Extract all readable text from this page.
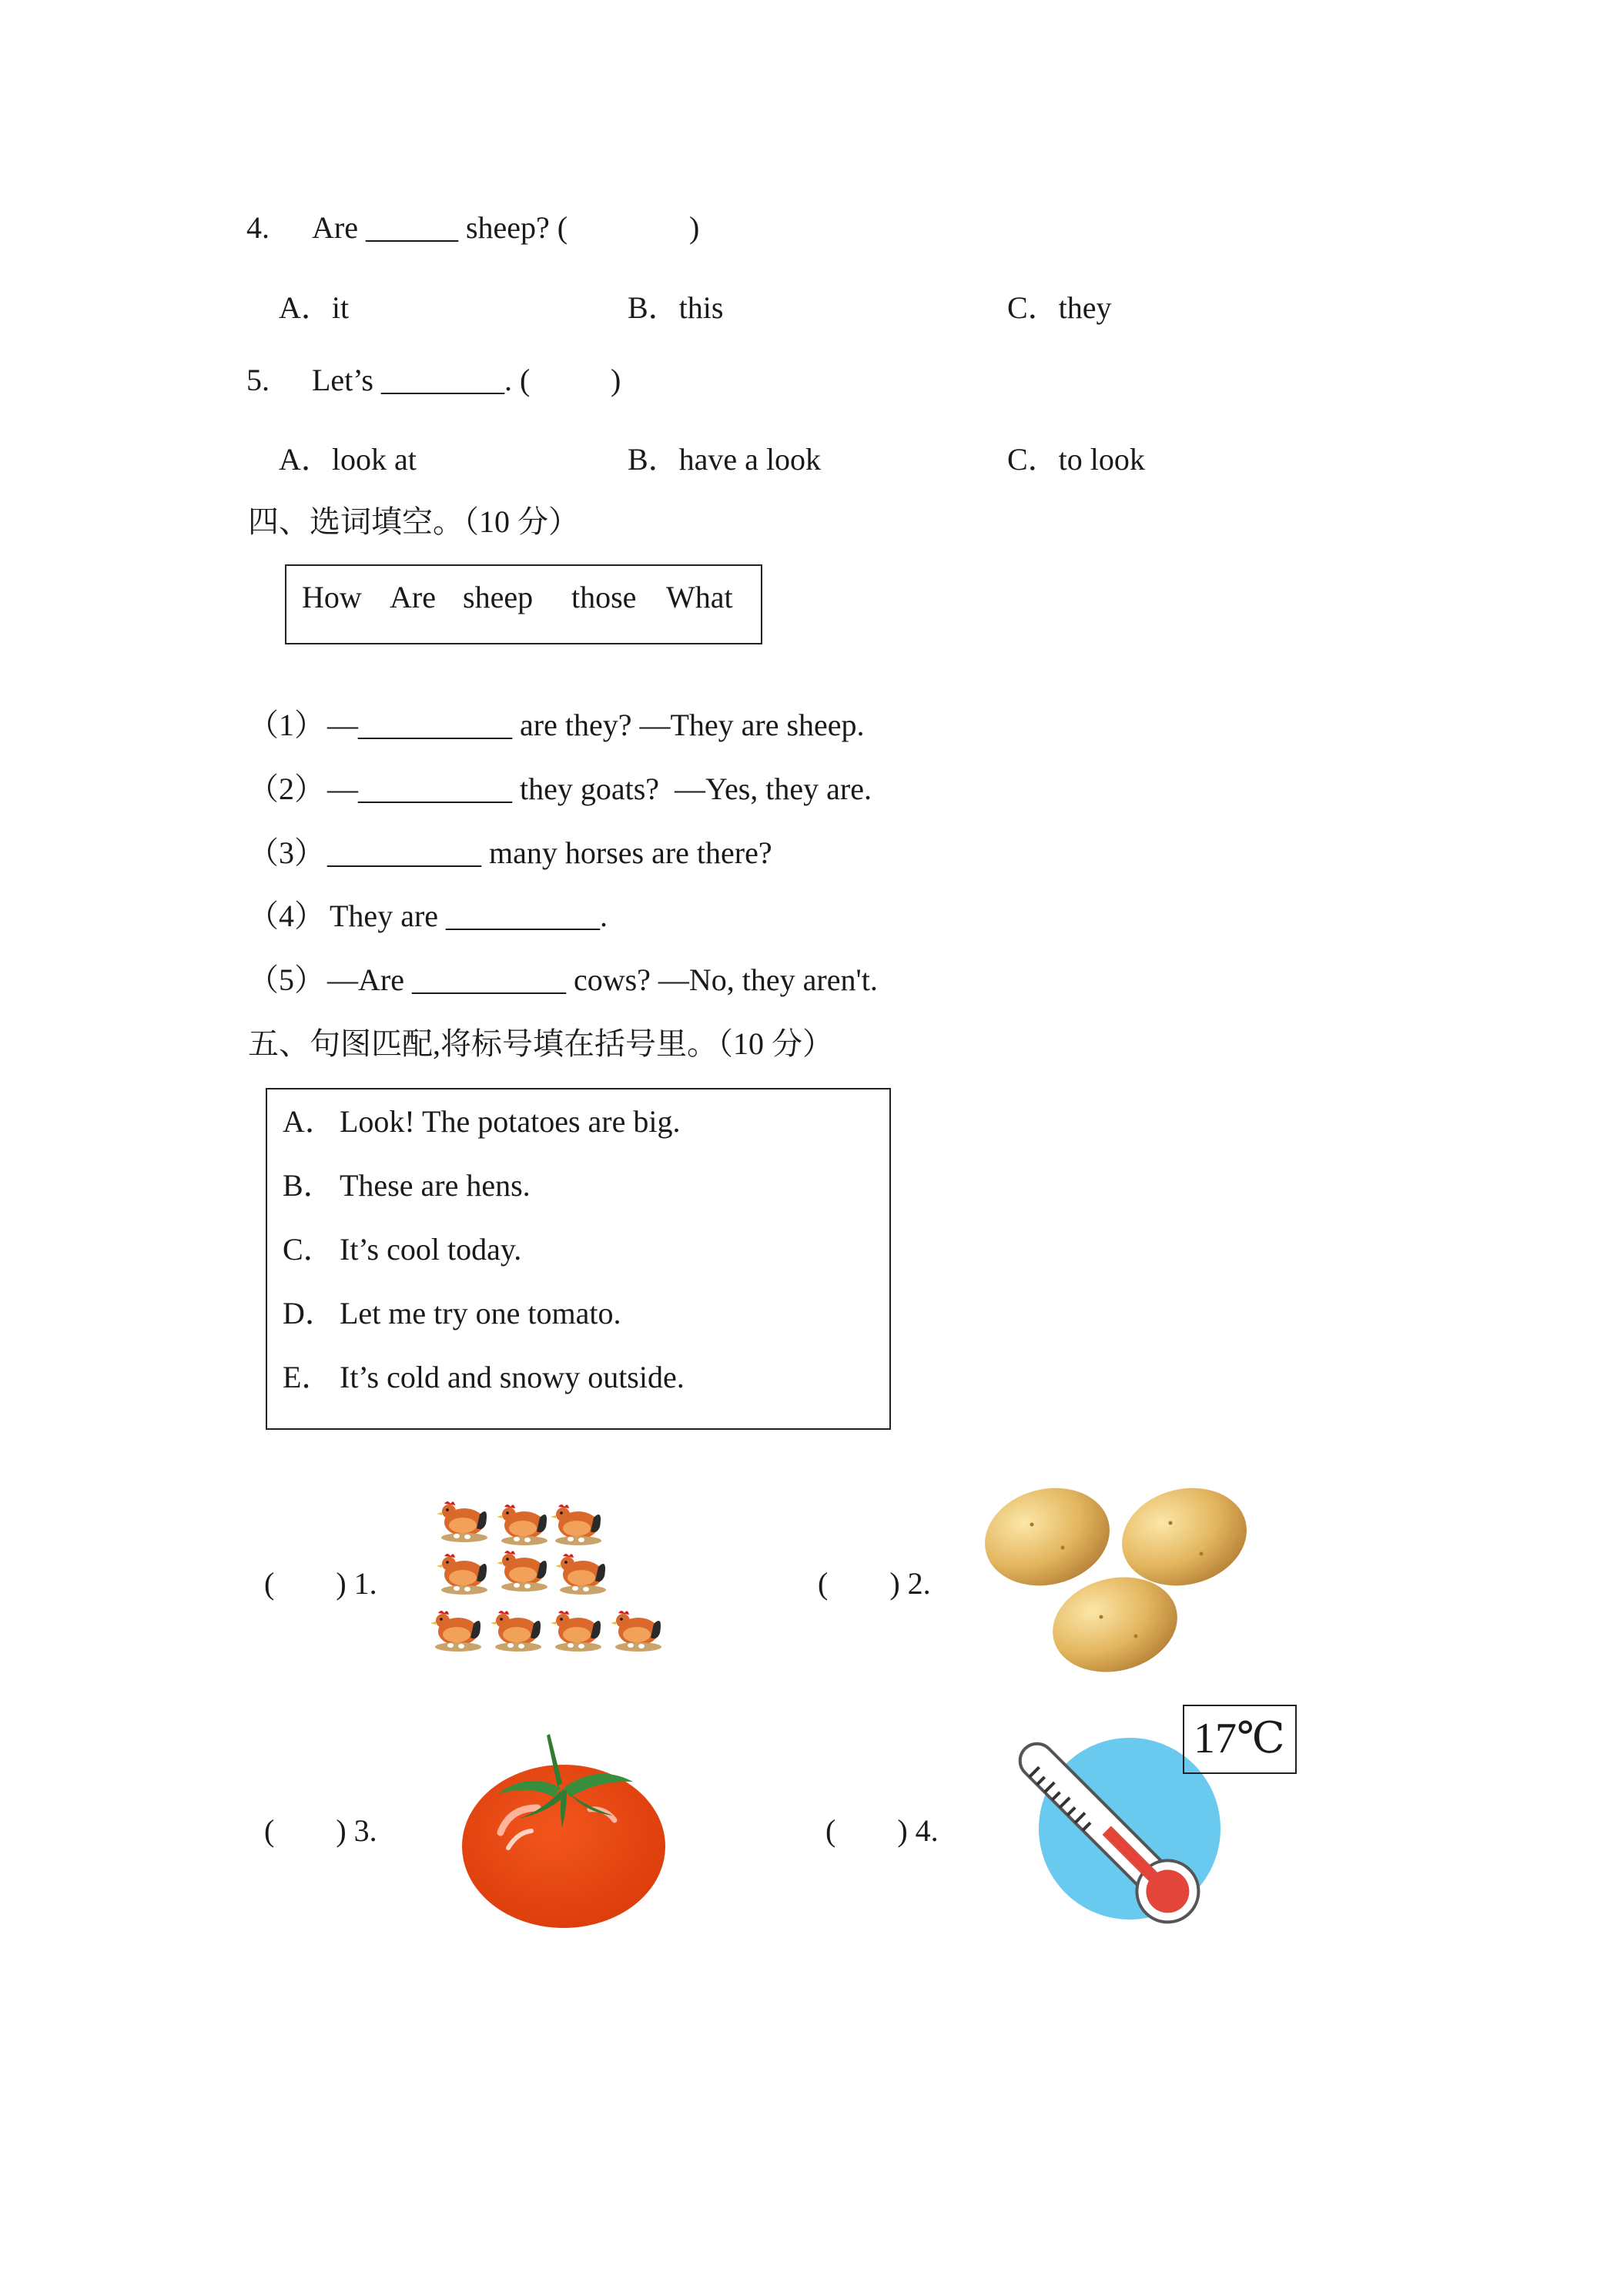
4. Are ______ sheep? (	)
A．it	B．this	C．they
5. Let’s ________. (	)
A．look at	B．have a look	C．to look
四、选词填空。（10 分）
How Are sheep those What
（1） —__________ are they? —They are sheep.
（2） —__________ they goats?  —Yes, they are.
（3） __________ many horses are there?
（4） They are __________.
（5） —Are __________ cows? —No, they aren't.
五、句图匹配,将标号填在括号里。（10 分）
A． Look! The potatoes are big.
B． These are hens.
C． It’s cool today.
D． Let me try one tomato.
E． It’s cold and snowy outside.
(        ) 1.	(        ) 2.
(        ) 3.	(        ) 4.
17℃
